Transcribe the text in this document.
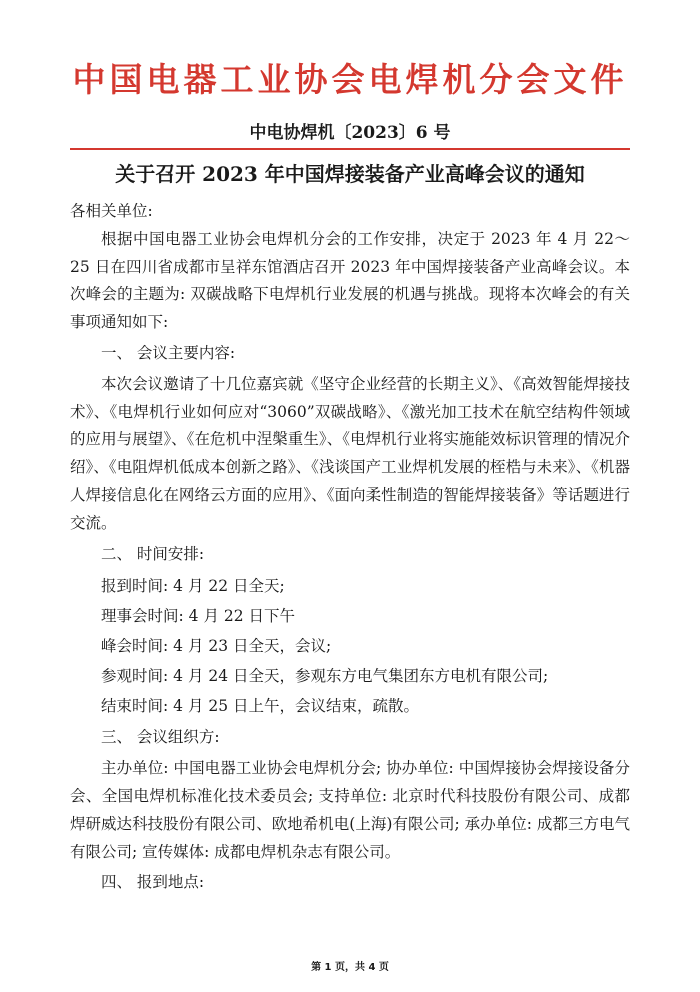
中国电器工业协会电焊机分会文件
中电协焊机〔2023〕6 号
关于召开 2023 年中国焊接装备产业高峰会议的通知

各相关单位:

根据中国电器工业协会电焊机分会的工作安排，决定于 2023 年 4 月 22～25 日在四川省成都市呈祥东馆酒店召开 2023 年中国焊接装备产业高峰会议。本次峰会的主题为: 双碳战略下电焊机行业发展的机遇与挑战。现将本次峰会的有关事项通知如下:

一、 会议主要内容:

本次会议邀请了十几位嘉宾就《坚守企业经营的长期主义》、《高效智能焊接技术》、《电焊机行业如何应对“3060”双碳战略》、《激光加工技术在航空结构件领域的应用与展望》、《在危机中涅槃重生》、《电焊机行业将实施能效标识管理的情况介绍》、《电阻焊机低成本创新之路》、《浅谈国产工业焊机发展的桎梏与未来》、《机器人焊接信息化在网络云方面的应用》、《面向柔性制造的智能焊接装备》等话题进行交流。

二、 时间安排:

报到时间: 4 月 22 日全天;

理事会时间: 4 月 22 日下午

峰会时间: 4 月 23 日全天，会议;

参观时间: 4 月 24 日全天，参观东方电气集团东方电机有限公司;

结束时间: 4 月 25 日上午，会议结束，疏散。

三、 会议组织方:

主办单位: 中国电器工业协会电焊机分会; 协办单位: 中国焊接协会焊接设备分会、全国电焊机标准化技术委员会; 支持单位: 北京时代科技股份有限公司、成都焊研威达科技股份有限公司、欧地希机电(上海)有限公司; 承办单位: 成都三方电气有限公司; 宣传媒体: 成都电焊机杂志有限公司。

四、 报到地点:

第 1 页，共 4 页
